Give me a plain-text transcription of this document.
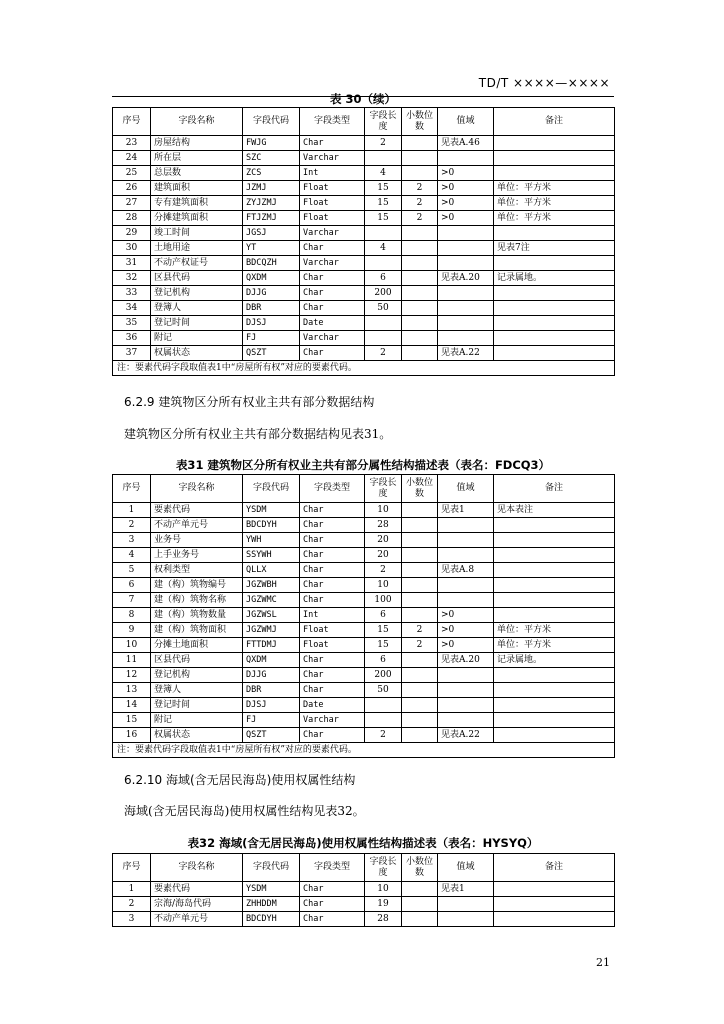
TD/T ××××—××××
表 30（续）
序号	字段名称	字段代码	字段类型	字段长度	小数位数	值域	备注
23	房屋结构	FWJG	Char	2		见表A.46	
24	所在层	SZC	Varchar				
25	总层数	ZCS	Int	4		>0	
26	建筑面积	JZMJ	Float	15	2	>0	单位：平方米
27	专有建筑面积	ZYJZMJ	Float	15	2	>0	单位：平方米
28	分摊建筑面积	FTJZMJ	Float	15	2	>0	单位：平方米
29	竣工时间	JGSJ	Varchar				
30	土地用途	YT	Char	4			见表7注
31	不动产权证号	BDCQZH	Varchar				
32	区县代码	QXDM	Char	6		见表A.20	记录属地。
33	登记机构	DJJG	Char	200			
34	登簿人	DBR	Char	50			
35	登记时间	DJSJ	Date				
36	附记	FJ	Varchar				
37	权属状态	QSZT	Char	2		见表A.22	
注：要素代码字段取值表1中“房屋所有权”对应的要素代码。							
6.2.9 建筑物区分所有权业主共有部分数据结构
建筑物区分所有权业主共有部分数据结构见表31。
表31 建筑物区分所有权业主共有部分属性结构描述表（表名：FDCQ3）
序号	字段名称	字段代码	字段类型	字段长度	小数位数	值域	备注
1	要素代码	YSDM	Char	10		见表1	见本表注
2	不动产单元号	BDCDYH	Char	28			
3	业务号	YWH	Char	20			
4	上手业务号	SSYWH	Char	20			
5	权利类型	QLLX	Char	2		见表A.8	
6	建（构）筑物编号	JGZWBH	Char	10			
7	建（构）筑物名称	JGZWMC	Char	100			
8	建（构）筑物数量	JGZWSL	Int	6		>0	
9	建（构）筑物面积	JGZWMJ	Float	15	2	>0	单位：平方米
10	分摊土地面积	FTTDMJ	Float	15	2	>0	单位：平方米
11	区县代码	QXDM	Char	6		见表A.20	记录属地。
12	登记机构	DJJG	Char	200			
13	登簿人	DBR	Char	50			
14	登记时间	DJSJ	Date				
15	附记	FJ	Varchar				
16	权属状态	QSZT	Char	2		见表A.22	
注：要素代码字段取值表1中“房屋所有权”对应的要素代码。							
6.2.10 海域(含无居民海岛)使用权属性结构
海域(含无居民海岛)使用权属性结构见表32。
表32 海域(含无居民海岛)使用权属性结构描述表（表名：HYSYQ）
序号	字段名称	字段代码	字段类型	字段长度	小数位数	值域	备注
1	要素代码	YSDM	Char	10		见表1	
2	宗海/海岛代码	ZHHDDM	Char	19			
3	不动产单元号	BDCDYH	Char	28			
21
